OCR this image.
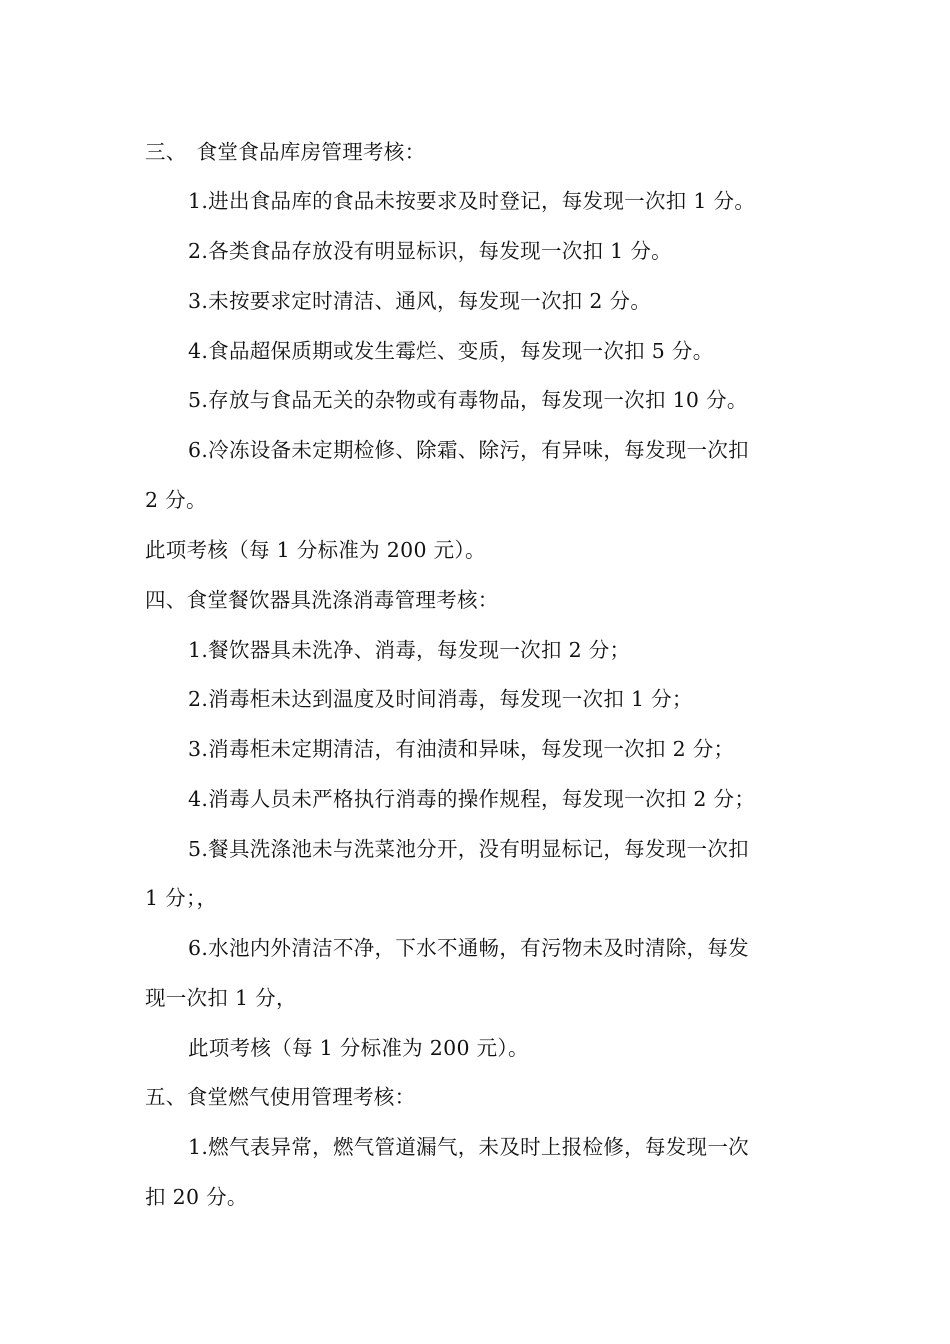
三、 食堂食品库房管理考核：
1.进出食品库的食品未按要求及时登记，每发现一次扣 1 分。
2.各类食品存放没有明显标识，每发现一次扣 1 分。
3.未按要求定时清洁、通风，每发现一次扣 2 分。
4.食品超保质期或发生霉烂、变质，每发现一次扣 5 分。
5.存放与食品无关的杂物或有毒物品，每发现一次扣 10 分。
6.冷冻设备未定期检修、除霜、除污，有异味，每发现一次扣
2 分。
此项考核（每 1 分标准为 200 元）。
四、食堂餐饮器具洗涤消毒管理考核：
1.餐饮器具未洗净、消毒，每发现一次扣 2 分；
2.消毒柜未达到温度及时间消毒，每发现一次扣 1 分；
3.消毒柜未定期清洁，有油渍和异味，每发现一次扣 2 分；
4.消毒人员未严格执行消毒的操作规程，每发现一次扣 2 分；
5.餐具洗涤池未与洗菜池分开，没有明显标记，每发现一次扣
1 分；，
6.水池内外清洁不净，下水不通畅，有污物未及时清除，每发
现一次扣 1 分，
此项考核（每 1 分标准为 200 元）。
五、食堂燃气使用管理考核：
1.燃气表异常，燃气管道漏气，未及时上报检修，每发现一次
扣 20 分。
